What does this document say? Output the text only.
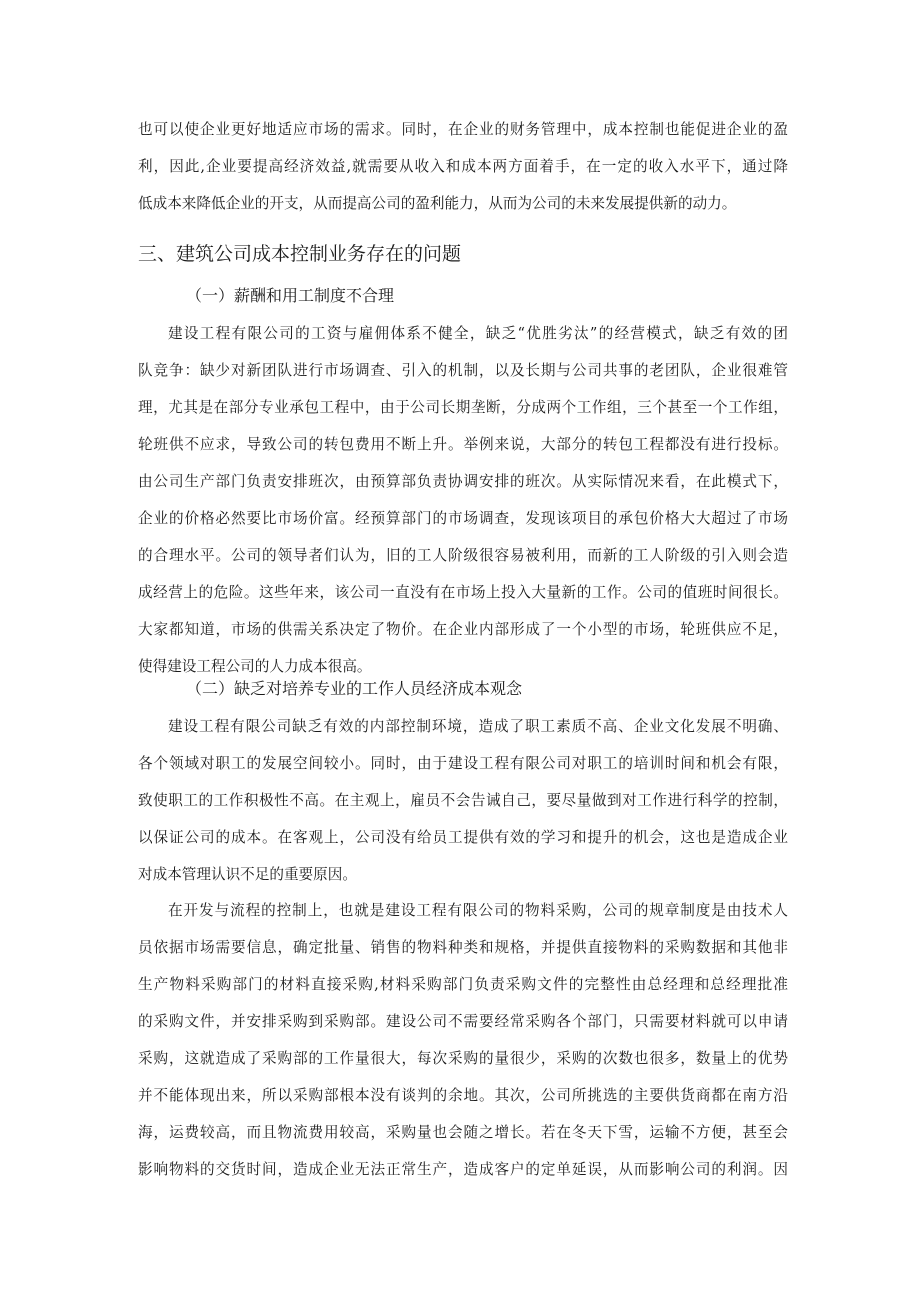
也可以使企业更好地适应市场的需求。同时，在企业的财务管理中，成本控制也能促进企业的盈
利，因此,企业要提高经济效益,就需要从收入和成本两方面着手，在一定的收入水平下，通过降
低成本来降低企业的开支，从而提高公司的盈利能力，从而为公司的未来发展提供新的动力。
三、建筑公司成本控制业务存在的问题
（一）薪酬和用工制度不合理
建设工程有限公司的工资与雇佣体系不健全，缺乏“优胜劣汰”的经营模式，缺乏有效的团
队竞争：缺少对新团队进行市场调查、引入的机制，以及长期与公司共事的老团队，企业很难管
理，尤其是在部分专业承包工程中，由于公司长期垄断，分成两个工作组，三个甚至一个工作组，
轮班供不应求，导致公司的转包费用不断上升。举例来说，大部分的转包工程都没有进行投标。
由公司生产部门负责安排班次，由预算部负责协调安排的班次。从实际情况来看，在此模式下，
企业的价格必然要比市场价富。经预算部门的市场调查，发现该项目的承包价格大大超过了市场
的合理水平。公司的领导者们认为，旧的工人阶级很容易被利用，而新的工人阶级的引入则会造
成经营上的危险。这些年来，该公司一直没有在市场上投入大量新的工作。公司的值班时间很长。
大家都知道，市场的供需关系决定了物价。在企业内部形成了一个小型的市场，轮班供应不足，
使得建设工程公司的人力成本很高。
（二）缺乏对培养专业的工作人员经济成本观念
建设工程有限公司缺乏有效的内部控制环境，造成了职工素质不高、企业文化发展不明确、
各个领域对职工的发展空间较小。同时，由于建设工程有限公司对职工的培训时间和机会有限，
致使职工的工作积极性不高。在主观上，雇员不会告诫自己，要尽量做到对工作进行科学的控制，
以保证公司的成本。在客观上，公司没有给员工提供有效的学习和提升的机会，这也是造成企业
对成本管理认识不足的重要原因。
在开发与流程的控制上，也就是建设工程有限公司的物料采购，公司的规章制度是由技术人
员依据市场需要信息，确定批量、销售的物料种类和规格，并提供直接物料的采购数据和其他非
生产物料采购部门的材料直接采购,材料采购部门负责采购文件的完整性由总经理和总经理批准
的采购文件，并安排采购到采购部。建设公司不需要经常采购各个部门，只需要材料就可以申请
采购，这就造成了采购部的工作量很大，每次采购的量很少，采购的次数也很多，数量上的优势
并不能体现出来，所以采购部根本没有谈判的余地。其次，公司所挑选的主要供货商都在南方沿
海，运费较高，而且物流费用较高，采购量也会随之增长。若在冬天下雪，运输不方便，甚至会
影响物料的交货时间，造成企业无法正常生产，造成客户的定单延误，从而影响公司的利润。因
